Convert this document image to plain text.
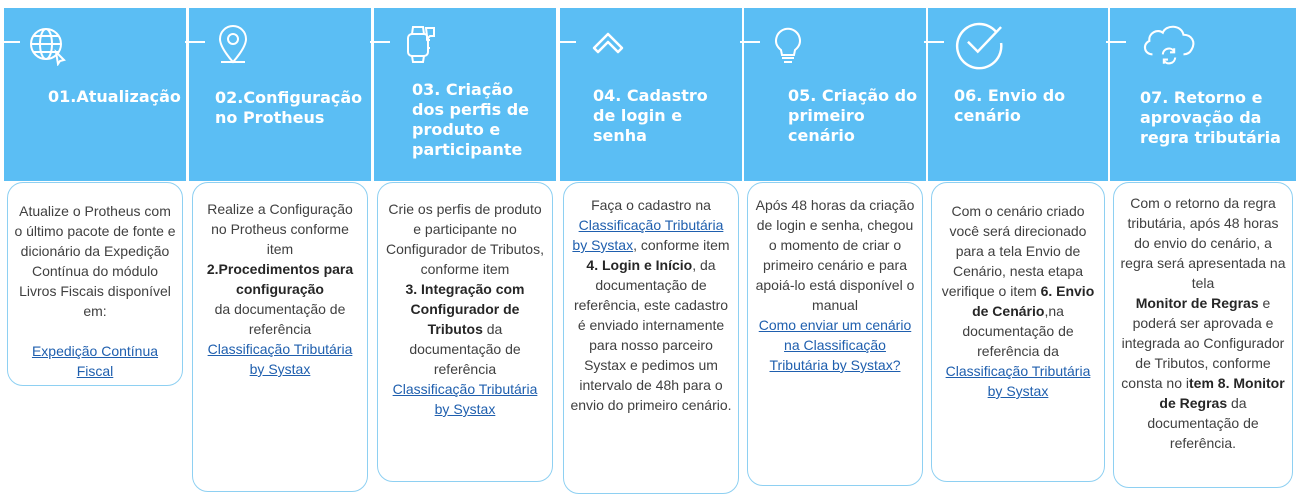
01.Atualização
Atualize o Protheus com o último pacote de fonte e dicionário da Expedição Contínua do módulo Livros Fiscais disponível em:

Expedição Contínua Fiscal
02.Configuração no Protheus
Realize a Configuração no Protheus conforme item
2.Procedimentos para configuração
da documentação de referência
Classificação Tributária by Systax
03. Criação dos perfis de produto e participante
Crie os perfis de produto e participante no Configurador de Tributos, conforme item
3. Integração com Configurador de Tributos da documentação de referência
Classificação Tributária by Systax
04. Cadastro de login e senha
Faça o cadastro na
Classificação Tributária by Systax, conforme item 4. Login e Início, da documentação de referência, este cadastro é enviado internamente para nosso parceiro Systax e pedimos um intervalo de 48h para o envio do primeiro cenário.
05. Criação do primeiro cenário
Após 48 horas da criação de login e senha, chegou o momento de criar o primeiro cenário e para apoiá-lo está disponível o manual
Como enviar um cenário na Classificação Tributária by Systax?
06. Envio do cenário
Com o cenário criado você será direcionado para a tela Envio de Cenário, nesta etapa verifique o item 6. Envio de Cenário,na documentação de referência da Classificação Tributária by Systax
07. Retorno e aprovação da regra tributária
Com o retorno da regra tributária, após 48 horas do envio do cenário, a regra será apresentada na tela
Monitor de Regras e poderá ser aprovada e integrada ao Configurador de Tributos, conforme consta no item 8. Monitor de Regras da documentação de referência.
